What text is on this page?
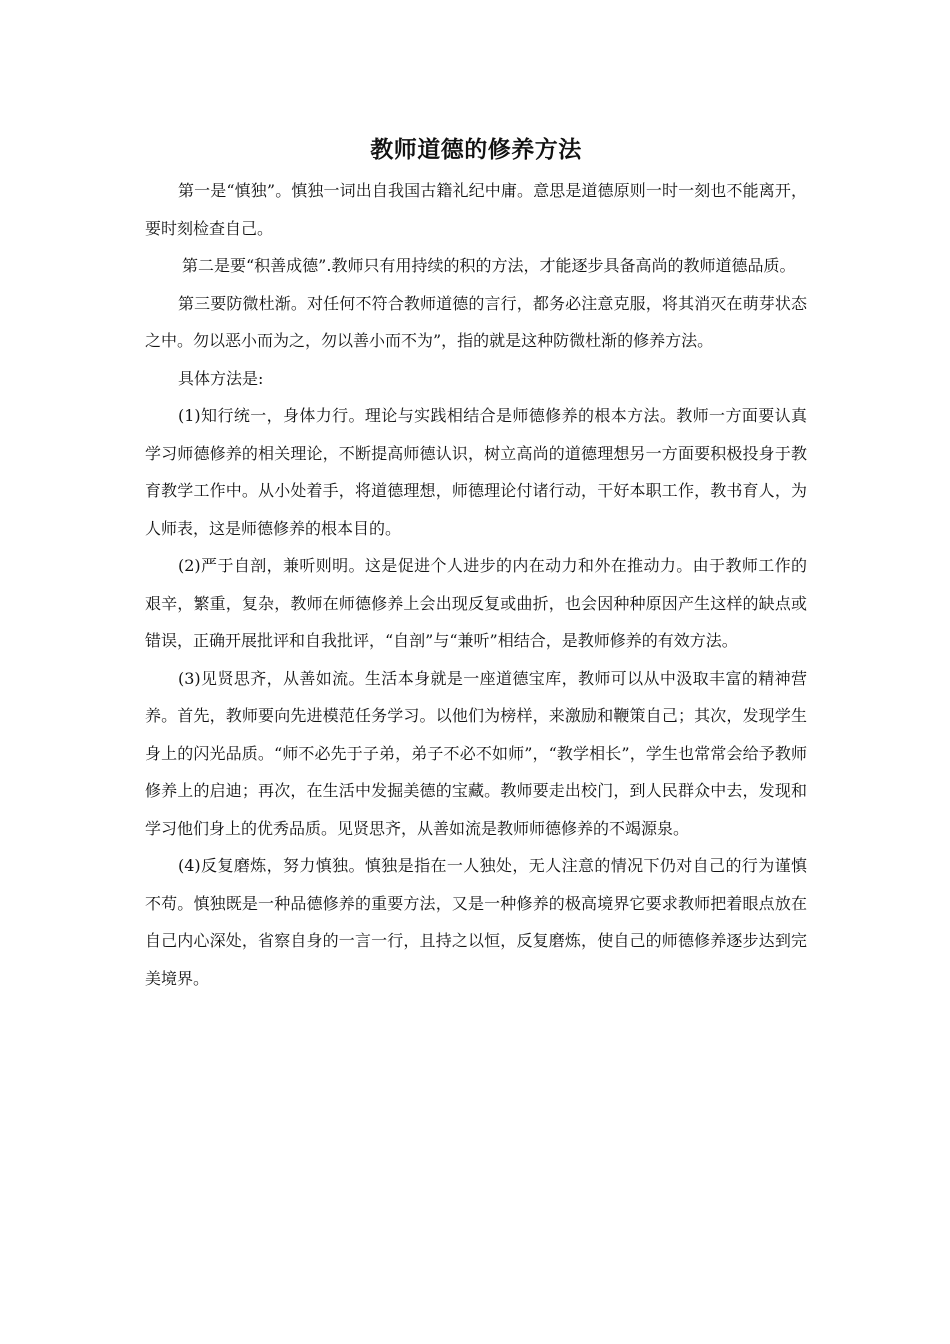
教师道德的修养方法

第一是“慎独”。慎独一词出自我国古籍礼纪中庸。意思是道德原则一时一刻也不能离开，要时刻检查自己。

第二是要“积善成德”.教师只有用持续的积的方法，才能逐步具备高尚的教师道德品质。

第三要防微杜渐。对任何不符合教师道德的言行，都务必注意克服，将其消灭在萌芽状态之中。勿以恶小而为之，勿以善小而不为”，指的就是这种防微杜渐的修养方法。

具体方法是:

(1)知行统一，身体力行。理论与实践相结合是师德修养的根本方法。教师一方面要认真学习师德修养的相关理论，不断提高师德认识，树立高尚的道德理想另一方面要积极投身于教育教学工作中。从小处着手，将道德理想，师德理论付诸行动，干好本职工作，教书育人，为人师表，这是师德修养的根本目的。

(2)严于自剖，兼听则明。这是促进个人进步的内在动力和外在推动力。由于教师工作的艰辛，繁重，复杂，教师在师德修养上会出现反复或曲折，也会因种种原因产生这样的缺点或错误，正确开展批评和自我批评，“自剖”与“兼听”相结合，是教师修养的有效方法。

(3)见贤思齐，从善如流。生活本身就是一座道德宝库，教师可以从中汲取丰富的精神营养。首先，教师要向先进模范任务学习。以他们为榜样，来激励和鞭策自己；其次，发现学生身上的闪光品质。“师不必先于子弟，弟子不必不如师”，“教学相长”，学生也常常会给予教师修养上的启迪；再次，在生活中发掘美德的宝藏。教师要走出校门，到人民群众中去，发现和学习他们身上的优秀品质。见贤思齐，从善如流是教师师德修养的不竭源泉。

(4)反复磨炼，努力慎独。慎独是指在一人独处，无人注意的情况下仍对自己的行为谨慎不苟。慎独既是一种品德修养的重要方法，又是一种修养的极高境界它要求教师把着眼点放在自己内心深处，省察自身的一言一行，且持之以恒，反复磨炼，使自己的师德修养逐步达到完美境界。
